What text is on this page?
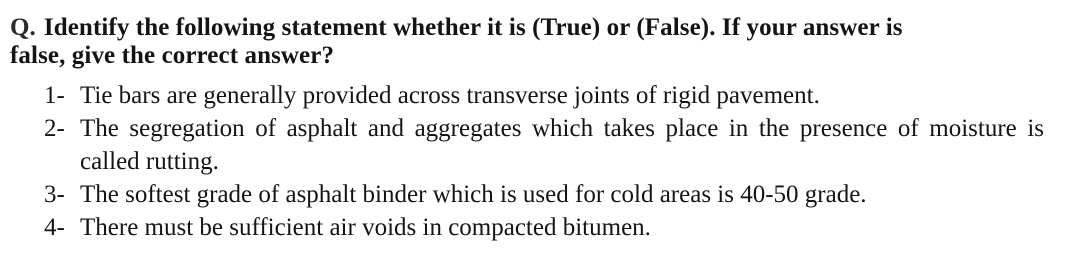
Q. Identify the following statement whether it is (True) or (False). If your answer is
false, give the correct answer?
1- Tie bars are generally provided across transverse joints of rigid pavement.
2- The segregation of asphalt and aggregates which takes place in the presence of moisture is called rutting.
3- The softest grade of asphalt binder which is used for cold areas is 40-50 grade.
4- There must be sufficient air voids in compacted bitumen.
